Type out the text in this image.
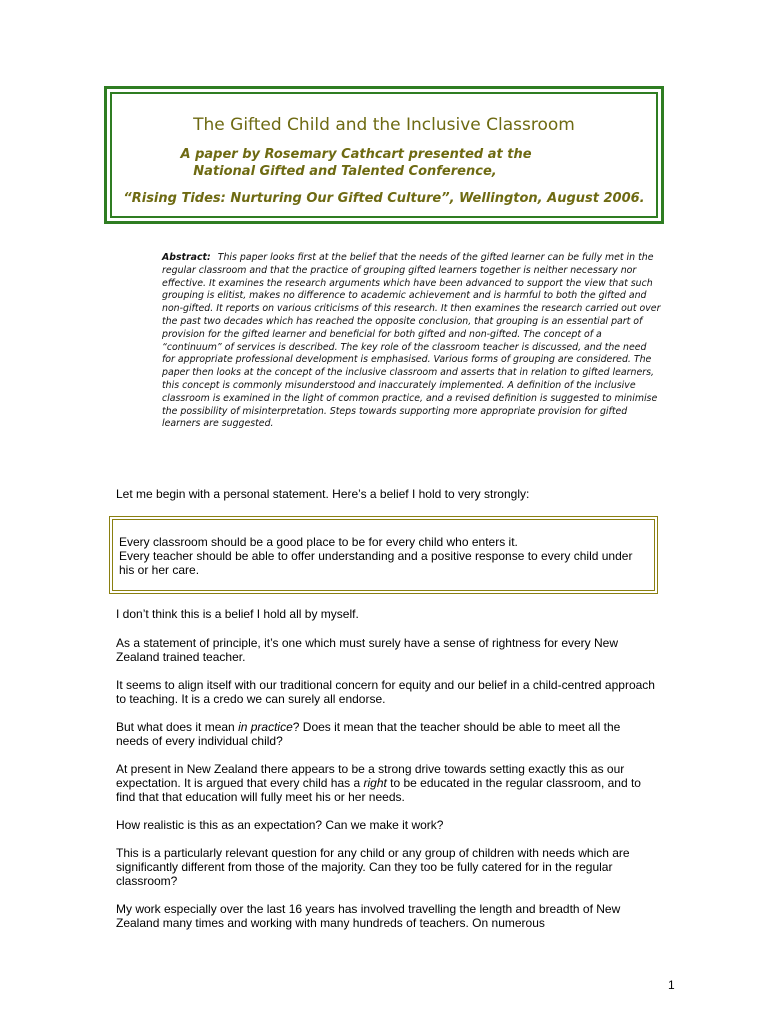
The Gifted Child and the Inclusive Classroom

A paper by Rosemary Cathcart presented at the

National Gifted and Talented Conference,

“Rising Tides: Nurturing Our Gifted Culture”, Wellington, August 2006.

Abstract: This paper looks first at the belief that the needs of the gifted learner can be fully met in the regular classroom and that the practice of grouping gifted learners together is neither necessary nor effective. It examines the research arguments which have been advanced to support the view that such grouping is elitist, makes no difference to academic achievement and is harmful to both the gifted and non-gifted. It reports on various criticisms of this research. It then examines the research carried out over the past two decades which has reached the opposite conclusion, that grouping is an essential part of provision for the gifted learner and beneficial for both gifted and non-gifted. The concept of a “continuum” of services is described. The key role of the classroom teacher is discussed, and the need for appropriate professional development is emphasised. Various forms of grouping are considered. The paper then looks at the concept of the inclusive classroom and asserts that in relation to gifted learners, this concept is commonly misunderstood and inaccurately implemented. A definition of the inclusive classroom is examined in the light of common practice, and a revised definition is suggested to minimise the possibility of misinterpretation. Steps towards supporting more appropriate provision for gifted learners are suggested.

Let me begin with a personal statement. Here’s a belief I hold to very strongly:

Every classroom should be a good place to be for every child who enters it.

Every teacher should be able to offer understanding and a positive response to every child under his or her care.

I don’t think this is a belief I hold all by myself.

As a statement of principle, it’s one which must surely have a sense of rightness for every New Zealand trained teacher.

It seems to align itself with our traditional concern for equity and our belief in a child-centred approach to teaching. It is a credo we can surely all endorse.

But what does it mean in practice? Does it mean that the teacher should be able to meet all the needs of every individual child?

At present in New Zealand there appears to be a strong drive towards setting exactly this as our expectation. It is argued that every child has a right to be educated in the regular classroom, and to find that that education will fully meet his or her needs.

How realistic is this as an expectation? Can we make it work?

This is a particularly relevant question for any child or any group of children with needs which are significantly different from those of the majority. Can they too be fully catered for in the regular classroom?

My work especially over the last 16 years has involved travelling the length and breadth of New Zealand many times and working with many hundreds of teachers. On numerous

1
